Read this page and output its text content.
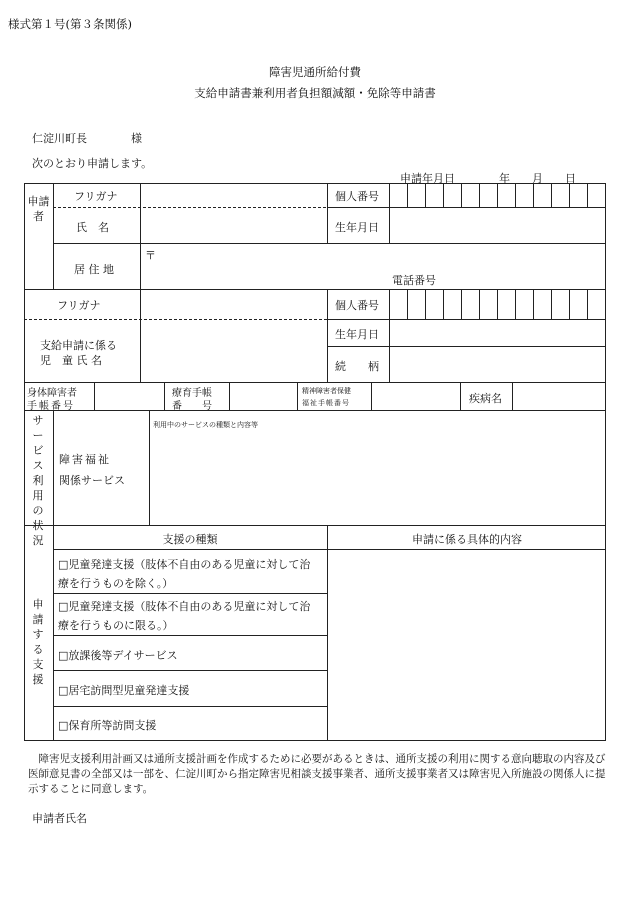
様式第１号(第３条関係)
障害児通所給付費
支給申請書兼利用者負担額減額・免除等申請書
仁淀川町長　　　　様
次のとおり申請します。
申請年月日　　　　年　　月　　日
申請者
フリガナ
氏　名
居 住 地
〒
電話番号
個人番号
生年月日
フリガナ
支給申請に係る
児　童 氏 名
個人番号
生年月日
続　　柄
身体障害者
手帳番号
療育手帳
番　　号
精神障害者保健
福祉手帳番号	疾病名
サービス利用の状況
障害福祉
関係サービス
利用中のサービスの種類と内容等
申請する支援
支援の種類	申請に係る具体的内容
□児童発達支援（肢体不自由のある児童に対して治
療を行うものを除く。）
□児童発達支援（肢体不自由のある児童に対して治
療を行うものに限る。）
□放課後等デイサービス
□居宅訪問型児童発達支援
□保育所等訪問支援
　障害児支援利用計画又は通所支援計画を作成するために必要があるときは、通所支援の利用に関する意向聴取の内容及び医師意見書の全部又は一部を、仁淀川町から指定障害児相談支援事業者、通所支援事業者又は障害児入所施設の関係人に提示することに同意します。
申請者氏名
